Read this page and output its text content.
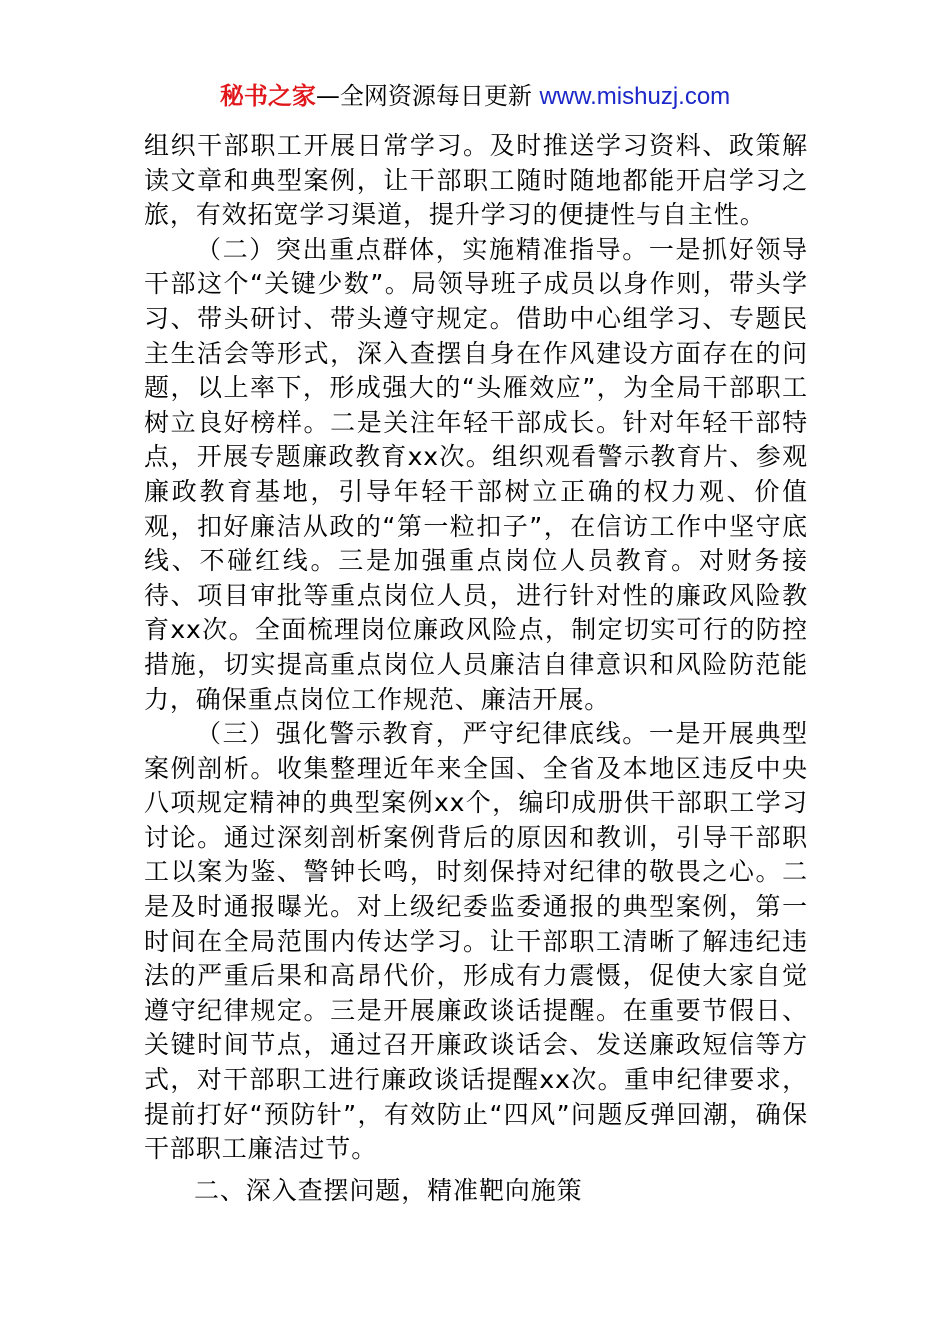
秘书之家—全网资源每日更新 www.mishuzj.com

组织干部职工开展日常学习。及时推送学习资料、政策解读文章和典型案例，让干部职工随时随地都能开启学习之旅，有效拓宽学习渠道，提升学习的便捷性与自主性。

（二）突出重点群体，实施精准指导。一是抓好领导干部这个“关键少数”。局领导班子成员以身作则，带头学习、带头研讨、带头遵守规定。借助中心组学习、专题民主生活会等形式，深入查摆自身在作风建设方面存在的问题，以上率下，形成强大的“头雁效应”，为全局干部职工树立良好榜样。二是关注年轻干部成长。针对年轻干部特点，开展专题廉政教育xx次。组织观看警示教育片、参观廉政教育基地，引导年轻干部树立正确的权力观、价值观，扣好廉洁从政的“第一粒扣子”，在信访工作中坚守底线、不碰红线。三是加强重点岗位人员教育。对财务接待、项目审批等重点岗位人员，进行针对性的廉政风险教育xx次。全面梳理岗位廉政风险点，制定切实可行的防控措施，切实提高重点岗位人员廉洁自律意识和风险防范能力，确保重点岗位工作规范、廉洁开展。

（三）强化警示教育，严守纪律底线。一是开展典型案例剖析。收集整理近年来全国、全省及本地区违反中央八项规定精神的典型案例xx个，编印成册供干部职工学习讨论。通过深刻剖析案例背后的原因和教训，引导干部职工以案为鉴、警钟长鸣，时刻保持对纪律的敬畏之心。二是及时通报曝光。对上级纪委监委通报的典型案例，第一时间在全局范围内传达学习。让干部职工清晰了解违纪违法的严重后果和高昂代价，形成有力震慑，促使大家自觉遵守纪律规定。三是开展廉政谈话提醒。在重要节假日、关键时间节点，通过召开廉政谈话会、发送廉政短信等方式，对干部职工进行廉政谈话提醒xx次。重申纪律要求，提前打好“预防针”，有效防止“四风”问题反弹回潮，确保干部职工廉洁过节。

二、深入查摆问题，精准靶向施策
